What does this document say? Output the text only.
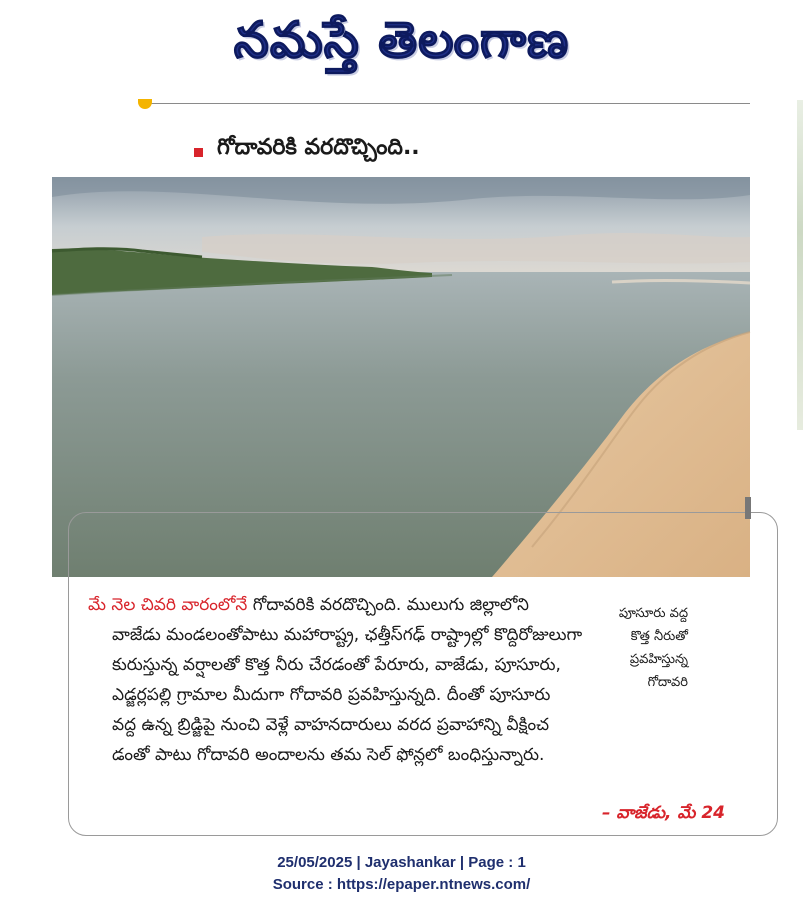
నమస్తే తెలంగాణ
గోదావరికి వరదొచ్చింది..
పూసూరు వద్ద
కొత్త నీరుతో
ప్రవహిస్తున్న
గోదావరి

మే నెల చివరి వారంలోనే గోదావరికి వరదొచ్చింది. ములుగు జిల్లాలోని

వాజేడు మండలంతోపాటు మహారాష్ట్ర, ఛత్తీస్‌గఢ్ రాష్ట్రాల్లో కొద్దిరోజులుగా

కురుస్తున్న వర్షాలతో కొత్త నీరు చేరడంతో పేరూరు, వాజేడు, పూసూరు,

ఎడ్జర్లపల్లి గ్రామాల మీదుగా గోదావరి ప్రవహిస్తున్నది. దీంతో పూసూరు

వద్ద ఉన్న బ్రిడ్జిపై నుంచి వెళ్లే వాహనదారులు వరద ప్రవాహాన్ని వీక్షించ

డంతో పాటు గోదావరి అందాలను తమ సెల్ ఫోన్లలో బంధిస్తున్నారు.

– వాజేడు, మే 24
25/05/2025 | Jayashankar | Page : 1
Source : https://epaper.ntnews.com/
